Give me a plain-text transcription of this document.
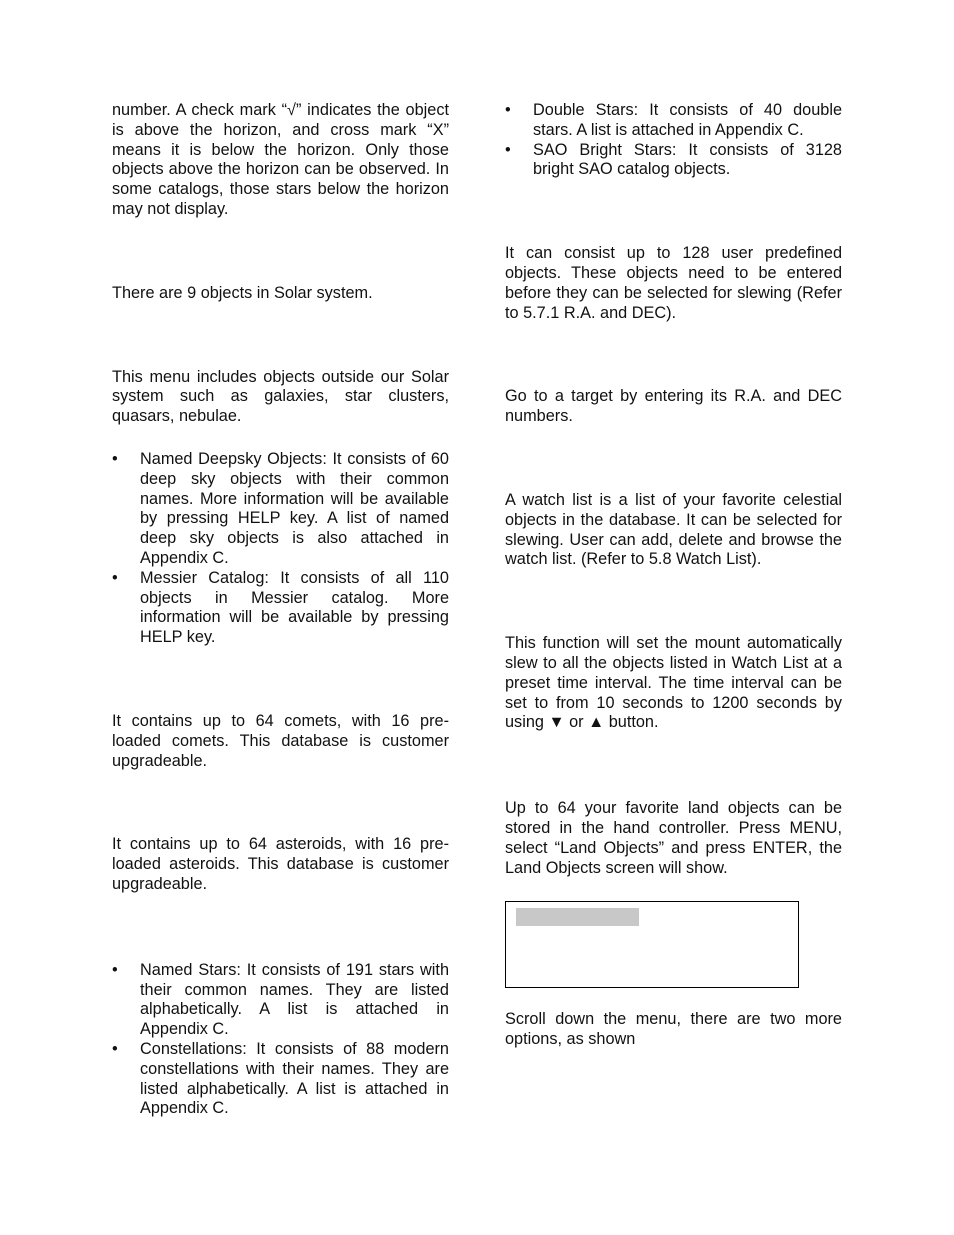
number. A check mark “√” indicates the object is above the horizon, and cross mark “X” means it is below the horizon. Only those objects above the horizon can be observed. In some catalogs, those stars below the horizon may not display.

There are 9 objects in Solar system.

This menu includes objects outside our Solar system such as galaxies, star clusters, quasars, nebulae.

• Named Deepsky Objects: It consists of 60 deep sky objects with their common names. More information will be available by pressing HELP key. A list of named deep sky objects is also attached in Appendix C.
• Messier Catalog: It consists of all 110 objects in Messier catalog. More information will be available by pressing HELP key.

It contains up to 64 comets, with 16 pre-loaded comets. This database is customer upgradeable.

It contains up to 64 asteroids, with 16 pre-loaded asteroids. This database is customer upgradeable.

• Named Stars: It consists of 191 stars with their common names. They are listed alphabetically. A list is attached in Appendix C.
• Constellations: It consists of 88 modern constellations with their names. They are listed alphabetically. A list is attached in Appendix C.
• Double Stars: It consists of 40 double stars. A list is attached in Appendix C.
• SAO Bright Stars: It consists of 3128 bright SAO catalog objects.

It can consist up to 128 user predefined objects. These objects need to be entered before they can be selected for slewing (Refer to 5.7.1 R.A. and DEC).

Go to a target by entering its R.A. and DEC numbers.

A watch list is a list of your favorite celestial objects in the database. It can be selected for slewing. User can add, delete and browse the watch list. (Refer to 5.8 Watch List).

This function will set the mount automatically slew to all the objects listed in Watch List at a preset time interval. The time interval can be set to from 10 seconds to 1200 seconds by using ▼ or ▲ button.

Up to 64 your favorite land objects can be stored in the hand controller. Press MENU, select “Land Objects” and press ENTER, the Land Objects screen will show.

Scroll down the menu, there are two more options, as shown
